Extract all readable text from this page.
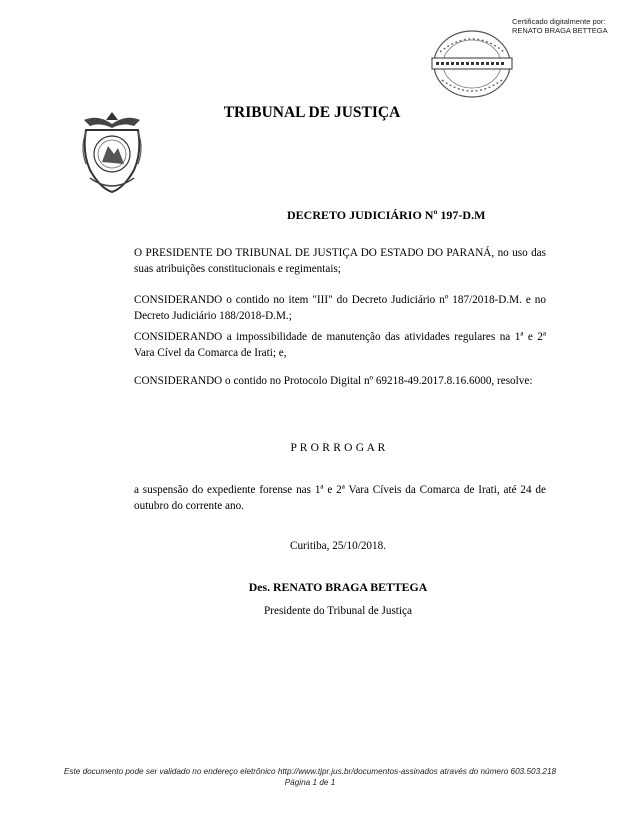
Certificado digitalmente por:
RENATO BRAGA BETTEGA
TRIBUNAL DE JUSTIÇA
DECRETO JUDICIÁRIO Nº 197-D.M
O PRESIDENTE DO TRIBUNAL DE JUSTIÇA DO ESTADO DO PARANÁ, no uso das suas atribuições constitucionais e regimentais;
CONSIDERANDO o contido no item "III" do Decreto Judiciário nº 187/2018-D.M. e no Decreto Judiciário 188/2018-D.M.;
CONSIDERANDO a impossibilidade de manutenção das atividades regulares na 1ª e 2ª Vara Cível da Comarca de Irati; e,
CONSIDERANDO o contido no Protocolo Digital nº 69218-49.2017.8.16.6000, resolve:
P R O R R O G A R
a suspensão do expediente forense nas 1ª e 2ª Vara Cíveis da Comarca de Irati, até 24 de outubro do corrente ano.
Curitiba, 25/10/2018.
Des. RENATO BRAGA BETTEGA
Presidente do Tribunal de Justiça
Este documento pode ser validado no endereço eletrônico http://www.tjpr.jus.br/documentos-assinados através do número 603.503.218
Página 1 de 1
